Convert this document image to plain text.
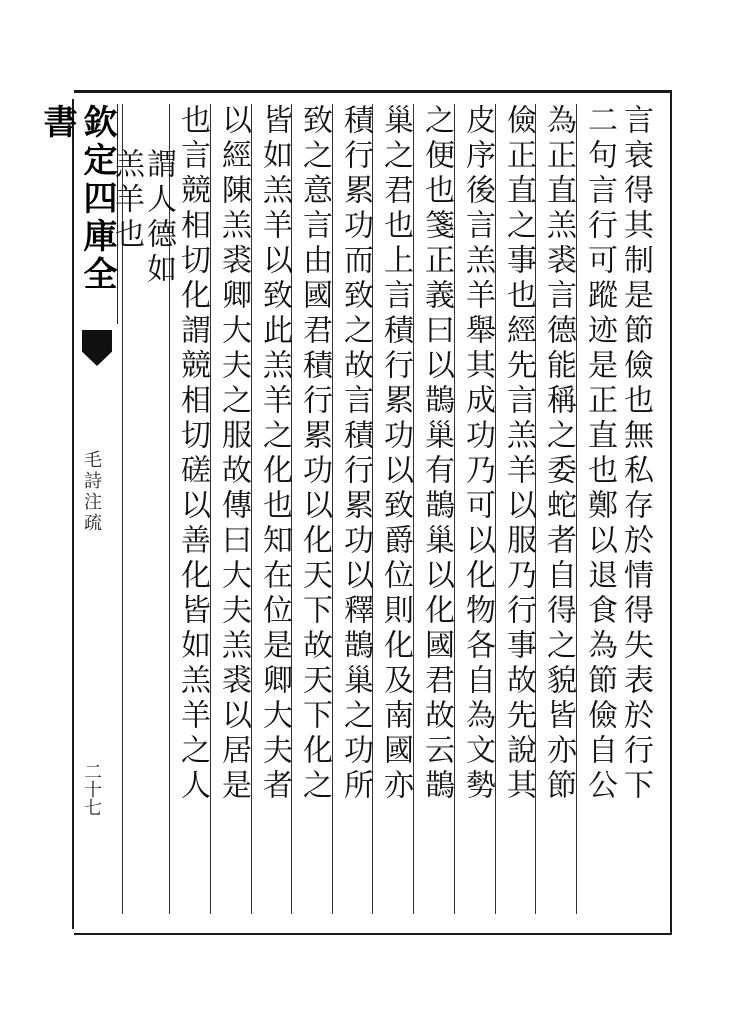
欽定四庫全書
毛詩注疏
二十七	言衰得其制是節儉也無私存於情得失表於行下
二句言行可蹤迹是正直也鄭以退食為節儉自公
為正直羔裘言德能稱之委蛇者自得之貌皆亦節
儉正直之事也經先言羔羊以服乃行事故先說其
皮序後言羔羊舉其成功乃可以化物各自為文勢
之便也箋正義曰以鵲巢有鵲巢以化國君故云鵲
巢之君也上言積行累功以致爵位則化及南國亦
積行累功而致之故言積行累功以釋鵲巢之功所
致之意言由國君積行累功以化天下故天下化之
皆如羔羊以致此羔羊之化也知在位是卿大夫者
以經陳羔裘卿大夫之服故傳曰大夫羔裘以居是
也言競相切化謂競相切磋以善化皆如羔羊之人
謂人德如
羔羊也
